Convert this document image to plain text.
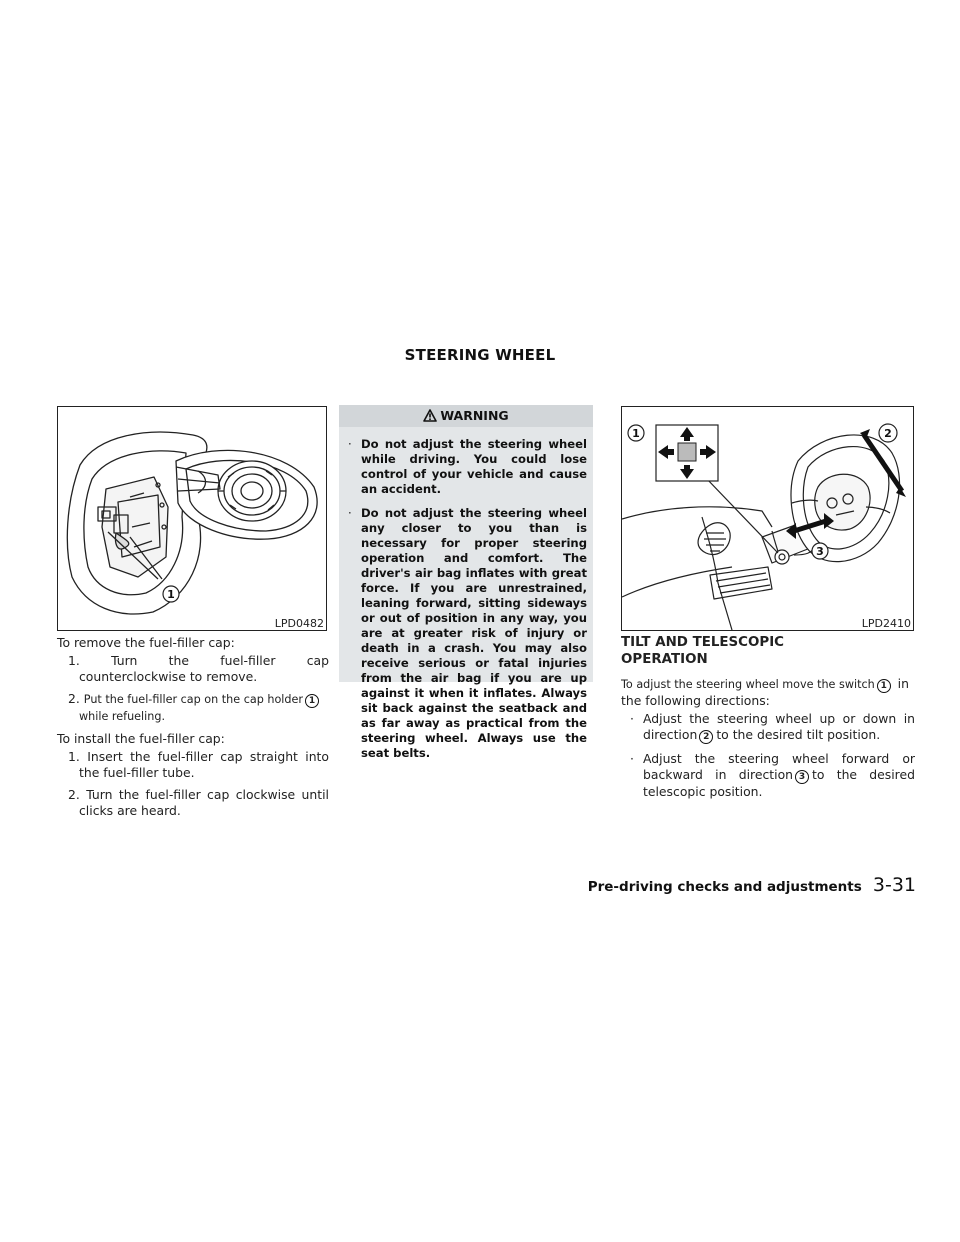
STEERING WHEEL
1
LPD0482
To remove the fuel-filler cap:
1.	Turn the fuel-filler cap counterclockwise to remove.
2. Put the fuel-filler cap on the cap holder 1 while refueling.
To install the fuel-filler cap:
1. Insert the fuel-filler cap straight into the fuel-filler tube.
2. Turn the fuel-filler cap clockwise until clicks are heard.
WARNING
· Do not adjust the steering wheel while driving. You could lose control of your vehicle and cause an accident.
· Do not adjust the steering wheel any closer to you than is necessary for proper steering operation and comfort. The driver's air bag inflates with great force. If you are unrestrained, leaning forward, sitting sideways or out of position in any way, you are at greater risk of injury or death in a crash. You may also receive serious or fatal injuries from the air bag if you are up against it when it inflates. Always sit back against the seatback and as far away as practical from the steering wheel. Always use the seat belts.
1	2
3
LPD2410
TILT AND TELESCOPIC
OPERATION
To adjust the steering wheel move the switch 1 in the following directions:
· Adjust the steering wheel up or down in direction 2 to the desired tilt position.
· Adjust the steering wheel forward or backward in direction 3 to the desired telescopic position.
Pre-driving checks and adjustments 3-31
